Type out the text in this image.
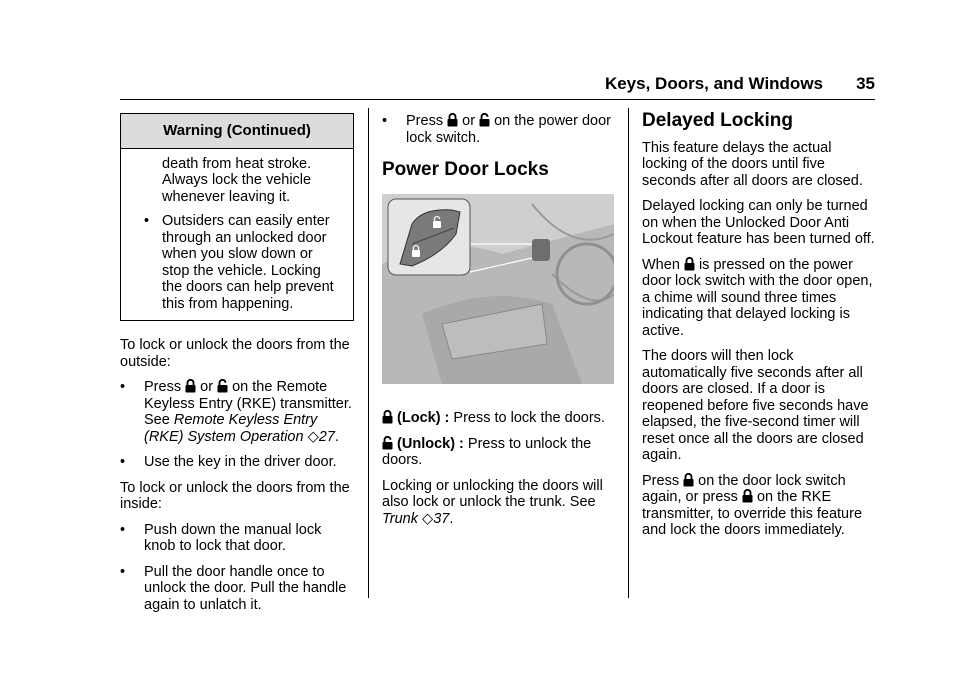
Keys, Doors, and Windows 35
Warning (Continued)
death from heat stroke. Always lock the vehicle whenever leaving it.
• Outsiders can easily enter through an unlocked door when you slow down or stop the vehicle. Locking the doors can help prevent this from happening.

To lock or unlock the doors from the outside:

•	Press or on the Remote Keyless Entry (RKE) transmitter. See Remote Keyless Entry (RKE) System Operation ◇27.
•	Use the key in the driver door.

To lock or unlock the doors from the inside:

•	Push down the manual lock knob to lock that door.
•	Pull the door handle once to unlock the door. Pull the handle again to unlatch it.
•	Press or on the power door lock switch.
Power Door Locks

(Lock) : Press to lock the doors.

(Unlock) : Press to unlock the doors.

Locking or unlocking the doors will also lock or unlock the trunk. See Trunk ◇37.

Delayed Locking

This feature delays the actual locking of the doors until five seconds after all doors are closed.

Delayed locking can only be turned on when the Unlocked Door Anti Lockout feature has been turned off.

When is pressed on the power door lock switch with the door open, a chime will sound three times indicating that delayed locking is active.

The doors will then lock automatically five seconds after all doors are closed. If a door is reopened before five seconds have elapsed, the five-second timer will reset once all the doors are closed again.

Press on the door lock switch again, or press on the RKE transmitter, to override this feature and lock the doors immediately.
